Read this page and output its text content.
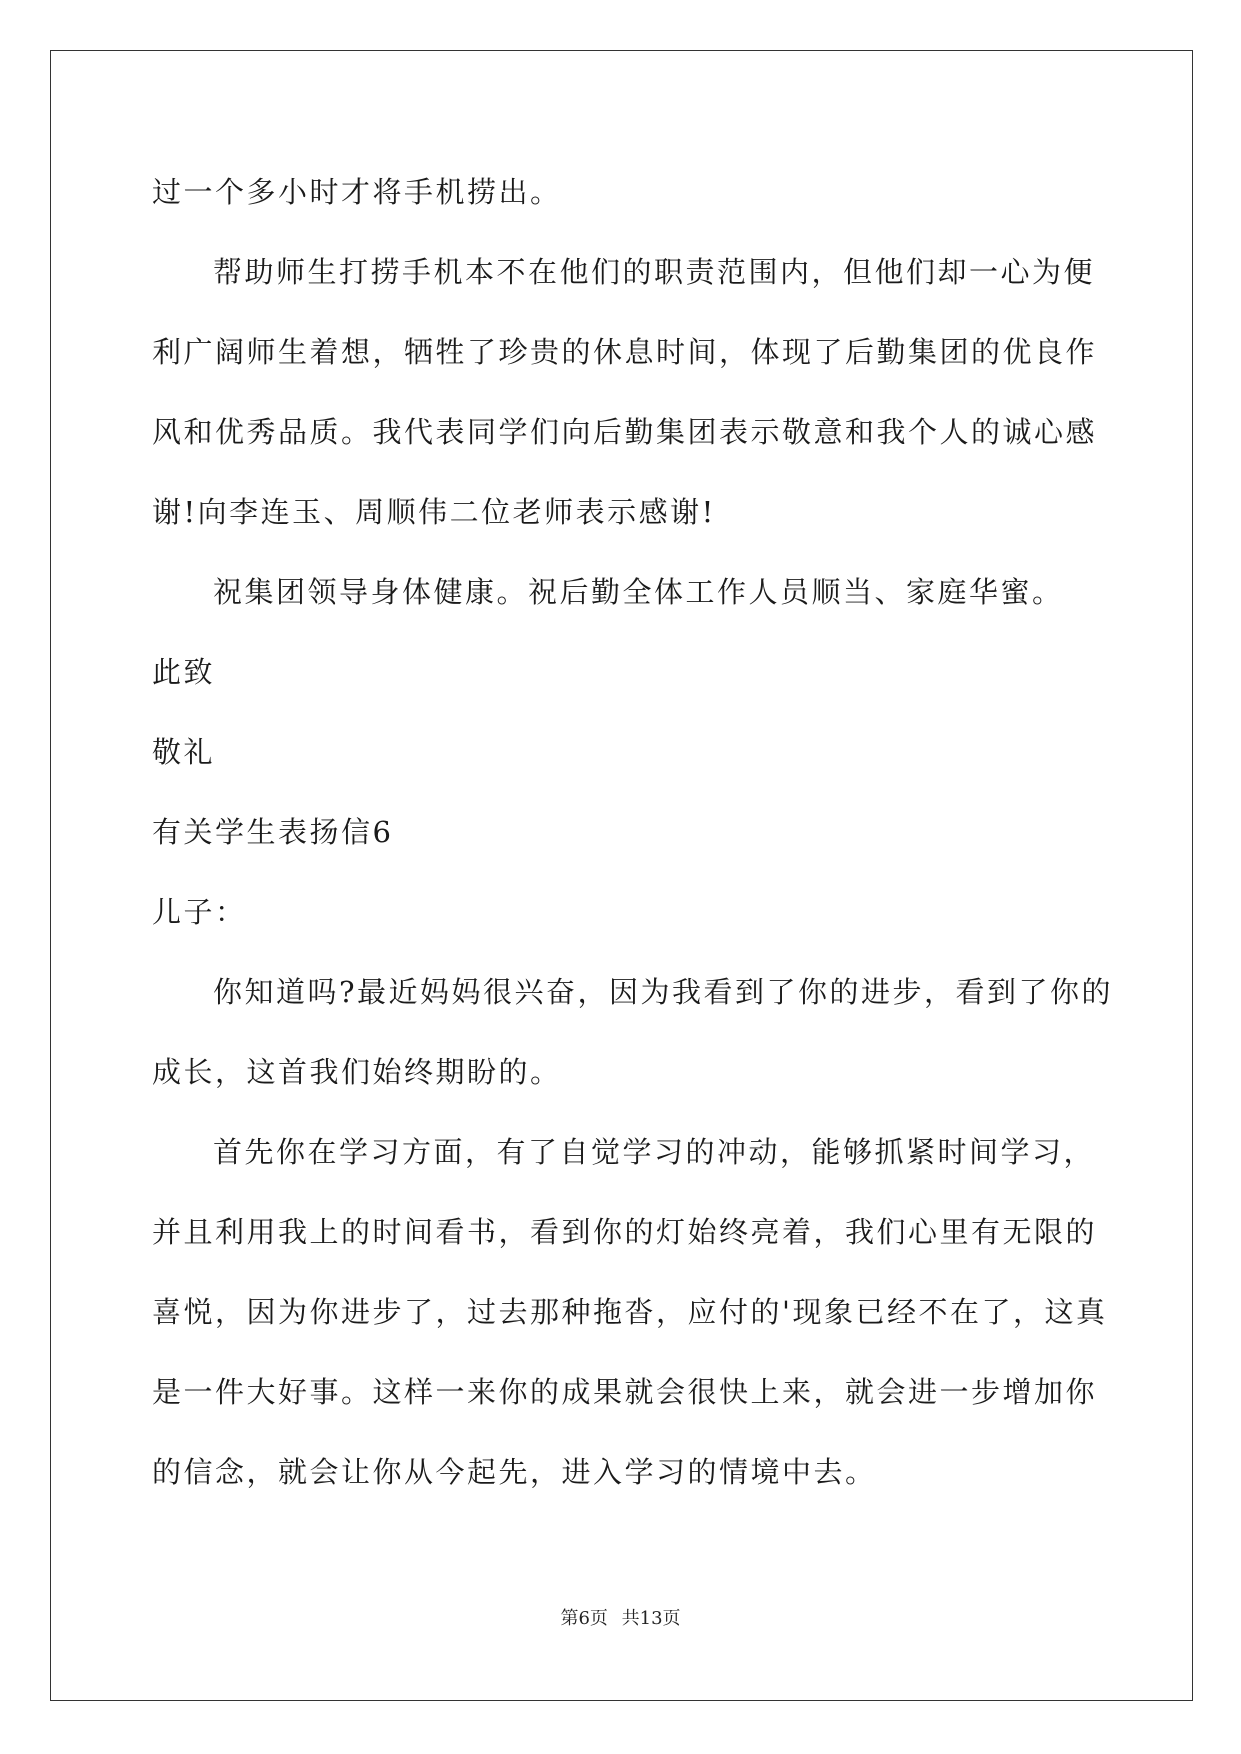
过一个多小时才将手机捞出。
帮助师生打捞手机本不在他们的职责范围内，但他们却一心为便
利广阔师生着想，牺牲了珍贵的休息时间，体现了后勤集团的优良作
风和优秀品质。我代表同学们向后勤集团表示敬意和我个人的诚心感
谢!向李连玉、周顺伟二位老师表示感谢!
祝集团领导身体健康。祝后勤全体工作人员顺当、家庭华蜜。
此致
敬礼
有关学生表扬信6
儿子：
你知道吗?最近妈妈很兴奋，因为我看到了你的进步，看到了你的
成长，这首我们始终期盼的。
首先你在学习方面，有了自觉学习的冲动，能够抓紧时间学习，
并且利用我上的时间看书，看到你的灯始终亮着，我们心里有无限的
喜悦，因为你进步了，过去那种拖沓，应付的'现象已经不在了，这真
是一件大好事。这样一来你的成果就会很快上来，就会进一步增加你
的信念，就会让你从今起先，进入学习的情境中去。
第6页 共13页
